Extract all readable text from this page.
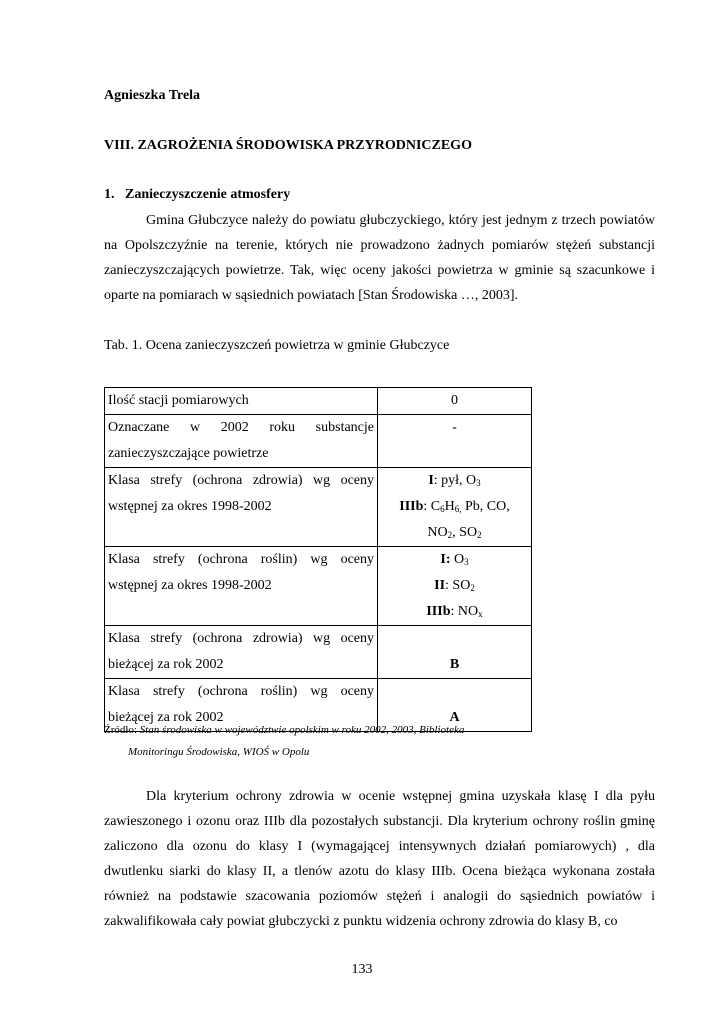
Agnieszka Trela
VIII. ZAGROŻENIA ŚRODOWISKA PRZYRODNICZEGO
1. Zanieczyszczenie atmosfery

Gmina Głubczyce należy do powiatu głubczyckiego, który jest jednym z trzech powiatów na Opolszczyźnie na terenie, których nie prowadzono żadnych pomiarów stężeń substancji zanieczyszczających powietrze. Tak, więc oceny jakości powietrza w gminie są szacunkowe i oparte na pomiarach w sąsiednich powiatach [Stan Środowiska …, 2003].

Tab. 1. Ocena zanieczyszczeń powietrza w gminie Głubczyce
Ilość stacji pomiarowych	0
Oznaczane w 2002 roku substancje zanieczyszczające powietrze	-
Klasa strefy (ochrona zdrowia) wg oceny wstępnej za okres 1998-2002	I: pył, $O_3$
IIIb: $C_6H_{6,}$ Pb, CO,
$NO_2$, $SO_2$

Klasa strefy (ochrona roślin) wg oceny wstępnej za okres 1998-2002	I: $O_3$
II: $SO_2$
IIIb: $NO_x$

Klasa strefy (ochrona zdrowia) wg oceny bieżącej za rok 2002	B
Klasa strefy (ochrona roślin) wg oceny bieżącej za rok 2002	A
Źródło: Stan środowiska w województwie opolskim w roku 2002, 2003, Biblioteka
Monitoringu Środowiska, WIOŚ w Opolu

Dla kryterium ochrony zdrowia w ocenie wstępnej gmina uzyskała klasę I dla pyłu zawieszonego i ozonu oraz IIIb dla pozostałych substancji. Dla kryterium ochrony roślin gminę zaliczono dla ozonu do klasy I (wymagającej intensywnych działań pomiarowych) , dla dwutlenku siarki do klasy II, a tlenów azotu do klasy IIIb. Ocena bieżąca wykonana została również na podstawie szacowania poziomów stężeń i analogii do sąsiednich powiatów i zakwalifikowała cały powiat głubczycki z punktu widzenia ochrony zdrowia do klasy B, co

133
